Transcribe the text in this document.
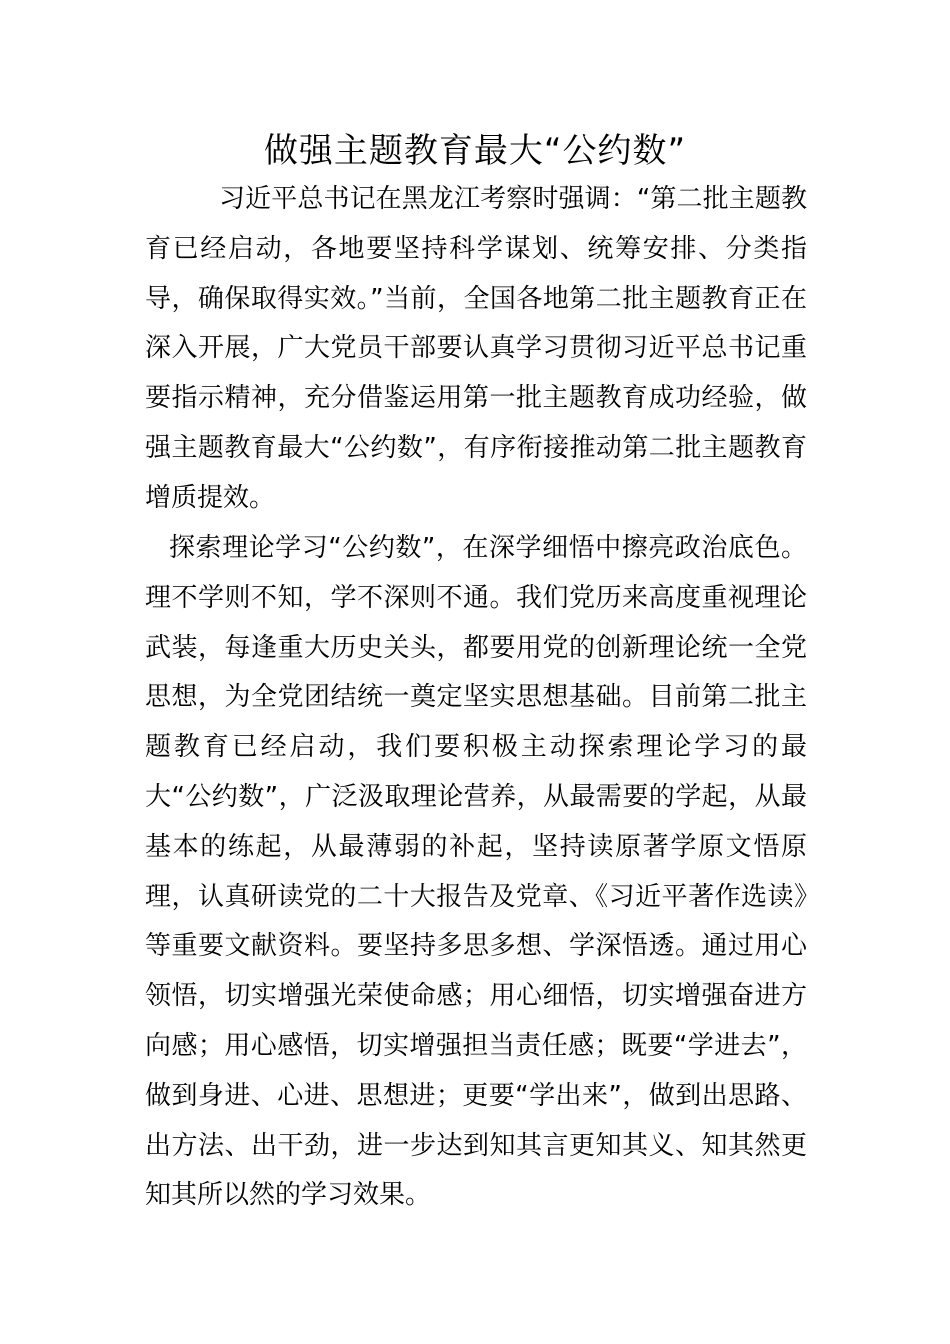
做强主题教育最大“公约数”

习近平总书记在黑龙江考察时强调：“第二批主题教育已经启动，各地要坚持科学谋划、统筹安排、分类指导，确保取得实效。”当前，全国各地第二批主题教育正在深入开展，广大党员干部要认真学习贯彻习近平总书记重要指示精神，充分借鉴运用第一批主题教育成功经验，做强主题教育最大“公约数”，有序衔接推动第二批主题教育增质提效。

探索理论学习“公约数”，在深学细悟中擦亮政治底色。理不学则不知，学不深则不通。我们党历来高度重视理论武装，每逢重大历史关头，都要用党的创新理论统一全党思想，为全党团结统一奠定坚实思想基础。目前第二批主题教育已经启动，我们要积极主动探索理论学习的最大“公约数”，广泛汲取理论营养，从最需要的学起，从最基本的练起，从最薄弱的补起，坚持读原著学原文悟原理，认真研读党的二十大报告及党章、《习近平著作选读》等重要文献资料。要坚持多思多想、学深悟透。通过用心领悟，切实增强光荣使命感；用心细悟，切实增强奋进方向感；用心感悟，切实增强担当责任感；既要“学进去”，做到身进、心进、思想进；更要“学出来”，做到出思路、出方法、出干劲，进一步达到知其言更知其义、知其然更知其所以然的学习效果。
